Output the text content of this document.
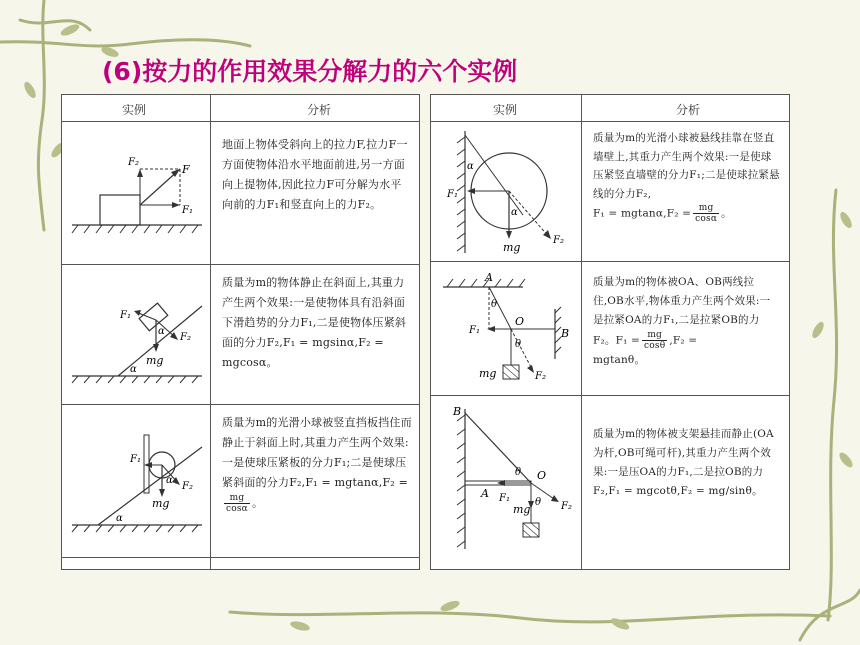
(6)按力的作用效果分解力的六个实例
实例	分析
F
F₁
F₂
地面上物体受斜向上的拉力F,拉力F一方面使物体沿水平地面前进,另一方面向上提物体,因此拉力F可分解为水平向前的力F₁和竖直向上的力F₂。
F₁
F₂
mg
α
α
质量为m的物体静止在斜面上,其重力产生两个效果:一是使物体具有沿斜面下滑趋势的分力F₁,二是使物体压紧斜面的分力F₂,F₁ = mgsinα,F₂ = mgcosα。
F₁
F₂
mg
α
α
质量为m的光滑小球被竖直挡板挡住而静止于斜面上时,其重力产生两个效果:一是使球压紧板的分力F₁;二是使球压紧斜面的分力F₂,F₁ = mgtanα,F₂ =
$\frac{mg}{\cos\alpha}$ 。
实例	分析
α
α
F₁
F₂
mg
质量为m的光滑小球被悬线挂靠在竖直墙壁上,其重力产生两个效果:一是使球压紧竖直墙壁的分力F₁;二是使球拉紧悬线的分力F₂,
$F_1 = mgtan\alpha,F_2 = \frac{mg}{\cos\alpha}$ 。
A
B
O
F₁
F₂
mg
θ
θ
质量为m的物体被OA、OB两线拉住,OB水平,物体重力产生两个效果:一是拉紧OA的力F₁,二是拉紧OB的力F₂。$F_1 = \frac{mg}{\cos\theta} ,F_2$ =
mgtanθ。
B
A
O
F₁
F₂
mg
θ
θ
质量为m的物体被支架悬挂而静止(OA为杆,OB可绳可杆),其重力产生两个效果:一是压OA的力F₁,二是拉OB的力F₂,F₁ = mgcotθ,F₂ = mg/sinθ。
